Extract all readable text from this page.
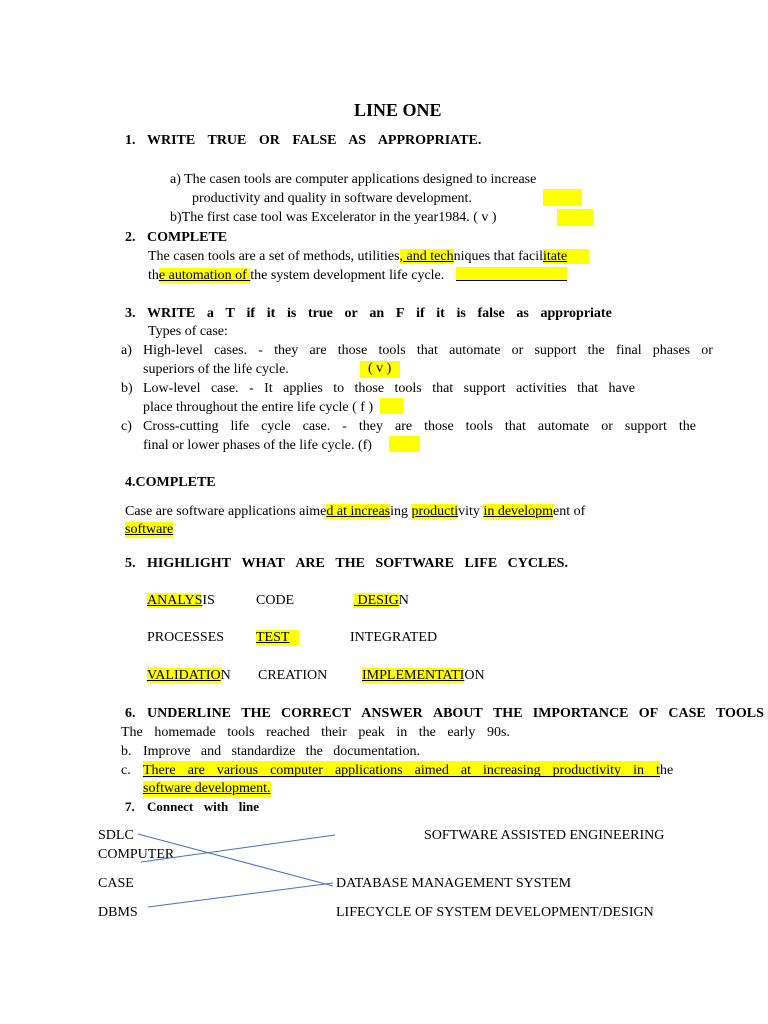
LINE ONE
1. WRITE TRUE OR FALSE AS APPROPRIATE.
a) The casen tools are computer applications designed to increase
productivity and quality in software development.
b)The first case tool was Excelerator in the year1984. ( v )
2. COMPLETE
The casen tools are a set of methods, utilities, and techniques that facilitate
the automation of the system development life cycle.
3. WRITE a T if it is true or an F if it is false as appropriate
Types of case:
a) High-level cases. - they are those tools that automate or support the final phases or
superiors of the life cycle.	( v )
b) Low-level case. - It applies to those tools that support activities that have
place throughout the entire life cycle ( f )
c) Cross-cutting life cycle case. - they are those tools that automate or support the
final or lower phases of the life cycle. (f)
4.COMPLETE
Case are software applications aimed at increasing productivity in development of
software
5. HIGHLIGHT WHAT ARE THE SOFTWARE LIFE CYCLES.
ANALYSIS	CODE	DESIGN
PROCESSES TEST	INTEGRATED
VALIDATION CREATION IMPLEMENTATION
6. UNDERLINE THE CORRECT ANSWER ABOUT THE IMPORTANCE OF CASE TOOLS
The homemade tools reached their peak in the early 90s.
b. Improve and standardize the documentation.
c. There are various computer applications aimed at increasing productivity in t he
software development.
7. Connect with line
SDLC
COMPUTER
CASE
DBMS
SOFTWARE ASSISTED ENGINEERING
DATABASE MANAGEMENT SYSTEM
LIFECYCLE OF SYSTEM DEVELOPMENT/DESIGN
